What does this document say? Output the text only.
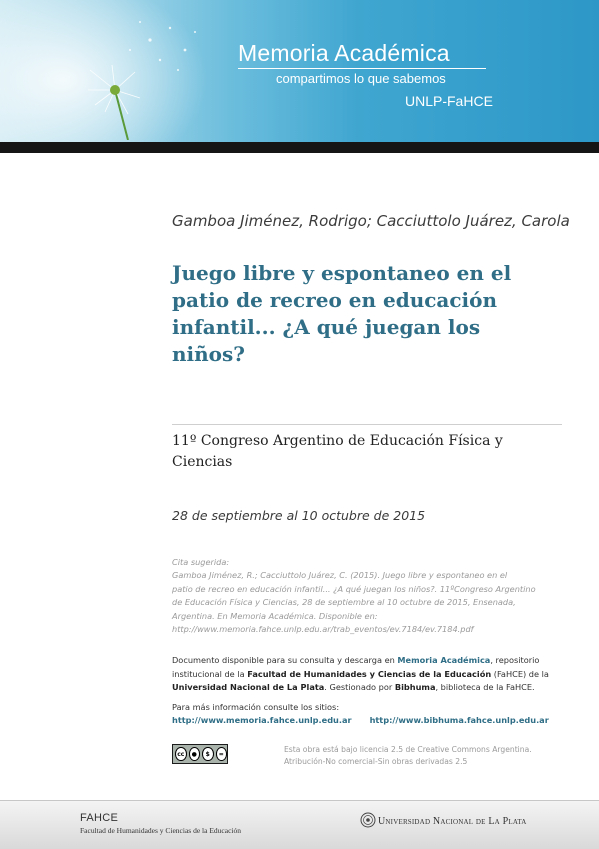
Memoria Académica
compartimos lo que sabemos
UNLP-FaHCE
Gamboa Jiménez, Rodrigo; Cacciuttolo Juárez, Carola
Juego libre y espontaneo en el patio de recreo en educación infantil... ¿A qué juegan los niños?
11º Congreso Argentino de Educación Física y Ciencias
28 de septiembre al 10 octubre de 2015
Cita sugerida:
Gamboa Jiménez, R.; Cacciuttolo Juárez, C. (2015). Juego libre y espontaneo en el
patio de recreo en educación infantil... ¿A qué juegan los niños?. 11ºCongreso Argentino
de Educación Física y Ciencias, 28 de septiembre al 10 octubre de 2015, Ensenada,
Argentina. En Memoria Académica. Disponible en:
http://www.memoria.fahce.unlp.edu.ar/trab_eventos/ev.7184/ev.7184.pdf
Documento disponible para su consulta y descarga en Memoria Académica, repositorio
institucional de la Facultad de Humanidades y Ciencias de la Educación (FaHCE) de la
Universidad Nacional de La Plata. Gestionado por Bibhuma, biblioteca de la FaHCE.
Para más información consulte los sitios:
http://www.memoria.fahce.unlp.edu.ar http://www.bibhuma.fahce.unlp.edu.ar
cc	●	$	=	Esta obra está bajo licencia 2.5 de Creative Commons Argentina.
Atribución-No comercial-Sin obras derivadas 2.5
FAHCE
Facultad de Humanidades y Ciencias de la Educación
Universidad Nacional de La Plata
